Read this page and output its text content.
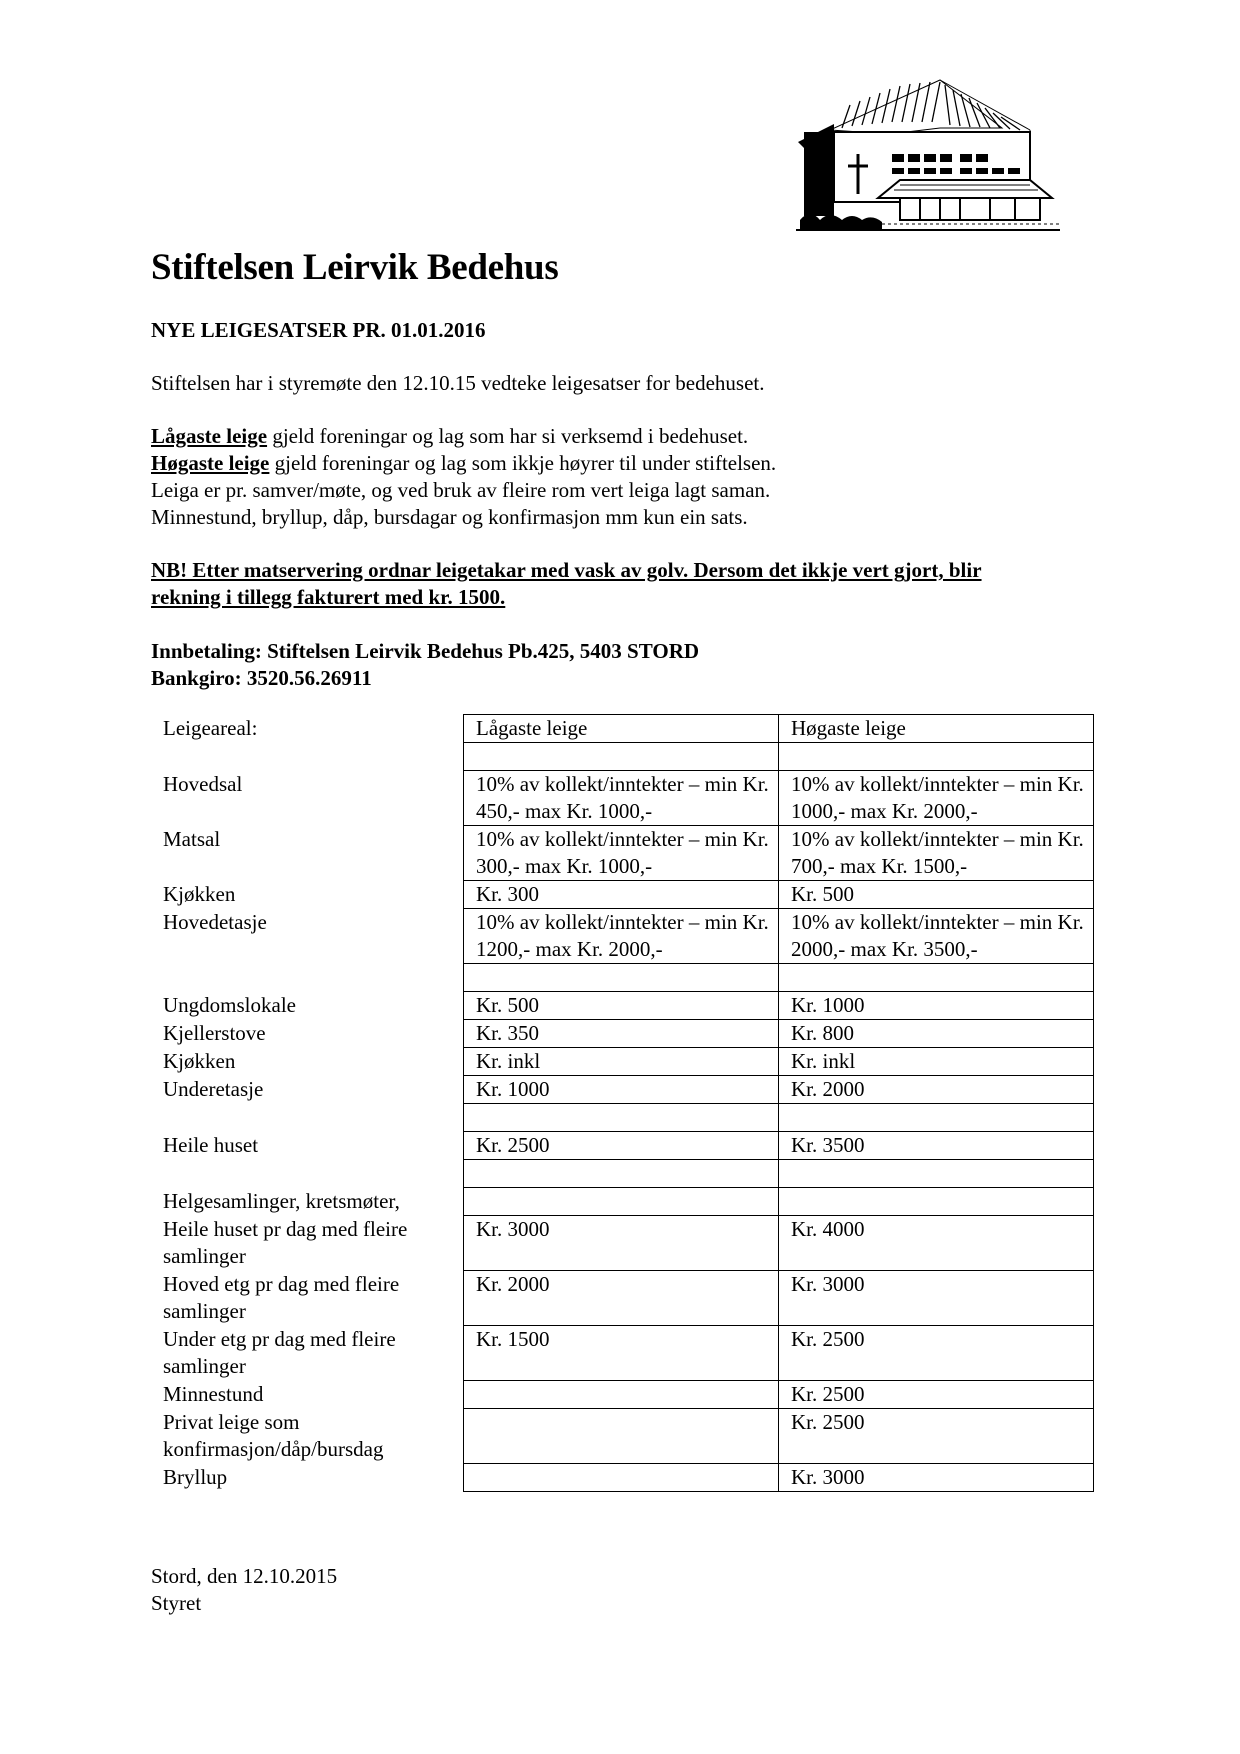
Stiftelsen Leirvik Bedehus
NYE LEIGESATSER PR. 01.01.2016

Stiftelsen har i styremøte den 12.10.15 vedteke leigesatser for bedehuset.

Lågaste leige gjeld foreningar og lag som har si verksemd i bedehuset.
Høgaste leige gjeld foreningar og lag som ikkje høyrer til under stiftelsen.
Leiga er pr. samver/møte, og ved bruk av fleire rom vert leiga lagt saman.
Minnestund, bryllup, dåp, bursdagar og konfirmasjon mm kun ein sats.
NB! Etter matservering ordnar leigetakar med vask av golv. Dersom det ikkje vert gjort, blir
rekning i tillegg fakturert med kr. 1500.
Innbetaling: Stiftelsen Leirvik Bedehus Pb.425, 5403 STORD
Bankgiro: 3520.56.26911
Leigeareal:	Lågaste leige	Høgaste leige

Hovedsal	10% av kollekt/inntekter – min Kr. 450,- max Kr. 1000,-	10% av kollekt/inntekter – min Kr. 1000,- max Kr. 2000,-
Matsal	10% av kollekt/inntekter – min Kr. 300,- max Kr. 1000,-	10% av kollekt/inntekter – min Kr. 700,- max Kr. 1500,-
Kjøkken	Kr. 300	Kr. 500
Hovedetasje	10% av kollekt/inntekter – min Kr. 1200,- max Kr. 2000,-	10% av kollekt/inntekter – min Kr. 2000,- max Kr. 3500,-

Ungdomslokale	Kr. 500	Kr. 1000
Kjellerstove	Kr. 350	Kr. 800
Kjøkken	Kr. inkl	Kr. inkl
Underetasje	Kr. 1000	Kr. 2000

Heile huset	Kr. 2500	Kr. 3500

Helgesamlinger, kretsmøter,		
Heile huset pr dag med fleire samlinger	Kr. 3000	Kr. 4000
Hoved etg pr dag med fleire samlinger	Kr. 2000	Kr. 3000
Under etg pr dag med fleire samlinger	Kr. 1500	Kr. 2500
Minnestund		Kr. 2500
Privat leige som konfirmasjon/dåp/bursdag		Kr. 2500
Bryllup		Kr. 3000
Stord, den 12.10.2015
Styret
